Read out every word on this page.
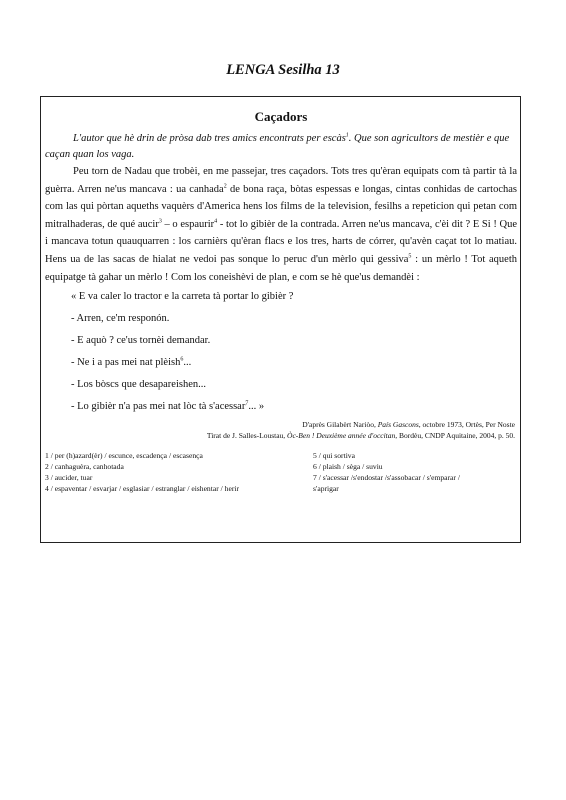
LENGA Sesilha 13
Caçadors

L'autor que hè drin de pròsa dab tres amics encontrats per escàs$^1$. Que son agricultors de mestièr e que caçan quan los vaga.

Peu torn de Nadau que trobèi, en me passejar, tres caçadors. Tots tres qu'èran equipats com tà partir tà la guèrra. Arren ne'us mancava : ua canhada$^2$ de bona raça, bòtas espessas e longas, cintas conhidas de cartochas com las qui pòrtan aqueths vaquèrs d'America hens los films de la television, fesilhs a repeticion qui petan com mitralhaderas, de qué aucir$^3$ – o espaurir$^4$ - tot lo gibièr de la contrada. Arren ne'us mancava, c'èi dit ? E Si ! Que i mancava totun quauquarren : los carnièrs qu'èran flacs e los tres, harts de córrer, qu'avèn caçat tot lo matiau. Hens ua de las sacas de hialat ne vedoi pas sonque lo peruc d'un mèrlo qui gessiva$^5$ : un mèrlo ! Tot aqueth equipatge tà gahar un mèrlo ! Com los coneishèvi de plan, e com se hè que'us demandèi :

« E va caler lo tractor e la carreta tà portar lo gibièr ?
- Arren, ce'm responón.
- E aquò ? ce'us tornèi demandar.
- Ne i a pas mei nat plèish$^6$...
- Los bòscs que desapareishen...
- Lo gibièr n'a pas mei nat lòc tà s'acessar$^7$... »
D'après Gilabèrt Nariòo, País Gascons, octobre 1973, Ortès, Per Noste
Tirat de J. Salles-Loustau, Òc-Ben ! Deuxième année d'occitan, Bordèu, CNDP Aquitaine, 2004, p. 50.
1 / per (h)azard(èr) / escunce, escadença / escasença
2 / canhaguèra, canhotada
3 / aucider, tuar
4 / espaventar / esvarjar / esglasiar / estranglar / eishentar / herir
5 / qui sortiva
6 / plaish / sèga / suviu
7 / s'acessar /s'endostar /s'assobacar / s'emparar /
s'aprigar
